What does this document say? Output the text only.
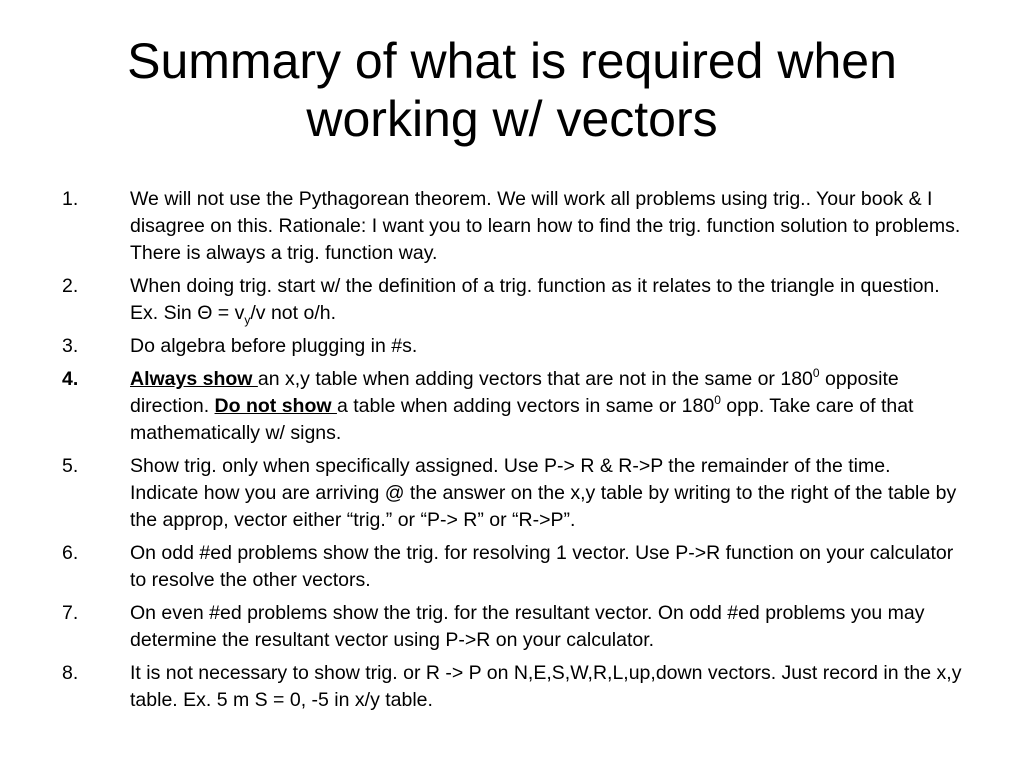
Summary of what is required when
working w/ vectors
1.	We will not use the Pythagorean theorem. We will work all problems using trig.. Your book & I disagree on this. Rationale: I want you to learn how to find the trig. function solution to problems. There is always a trig. function way.
2.	When doing trig. start w/ the definition of a trig. function as it relates to the triangle in question. Ex. Sin $\Theta = v_y/v$ not o/h.
3.	Do algebra before plugging in #s.
4.	Always show an x,y table when adding vectors that are not in the same or $180^0$ opposite direction. Do not show a table when adding vectors in same or $180^0$ opp. Take care of that mathematically w/ signs.
5.	Show trig. only when specifically assigned. Use P-> R & R->P the remainder of the time. Indicate how you are arriving @ the answer on the x,y table by writing to the right of the table by the approp, vector either “trig.” or “P-> R” or “R->P”.
6.	On odd #ed problems show the trig. for resolving 1 vector. Use P->R function on your calculator to resolve the other vectors.
7.	On even #ed problems show the trig. for the resultant vector. On odd #ed problems you may determine the resultant vector using P->R on your calculator.
8.	It is not necessary to show trig. or R -> P on N,E,S,W,R,L,up,down vectors. Just record in the x,y table. Ex. 5 m S = 0, -5 in x/y table.
